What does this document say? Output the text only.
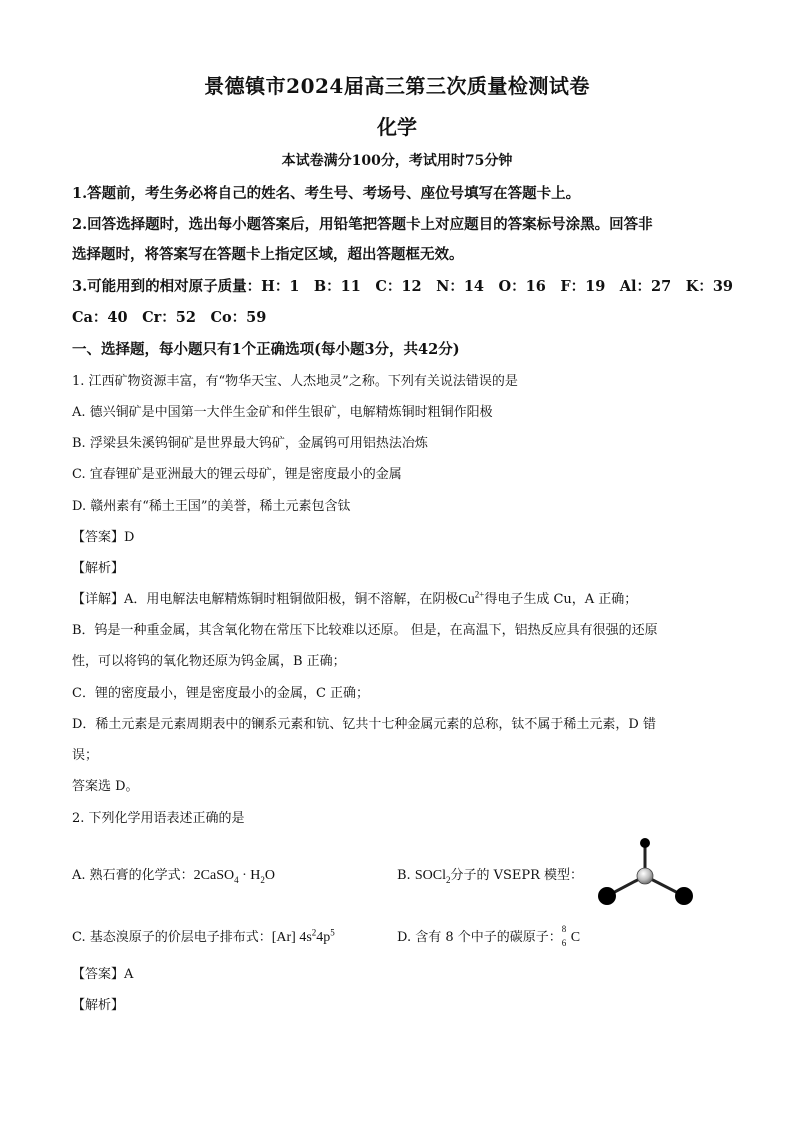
景德镇市2024届高三第三次质量检测试卷
化学
本试卷满分100分，考试用时75分钟
1.答题前，考生务必将自己的姓名、考生号、考场号、座位号填写在答题卡上。
2.回答选择题时，选出每小题答案后，用铅笔把答题卡上对应题目的答案标号涂黑。回答非
选择题时，将答案写在答题卡上指定区域，超出答题框无效。
3.可能用到的相对原子质量：H：1　B：11　C：12　N：14　O：16　F：19　Al：27　K：39
Ca：40　Cr：52　Co：59
一、选择题，每小题只有1个正确选项(每小题3分，共42分)
1. 江西矿物资源丰富，有“物华天宝、人杰地灵”之称。下列有关说法错误的是
A. 德兴铜矿是中国第一大伴生金矿和伴生银矿，电解精炼铜时粗铜作阳极
B. 浮梁县朱溪钨铜矿是世界最大钨矿，金属钨可用铝热法冶炼
C. 宜春锂矿是亚洲最大的锂云母矿，锂是密度最小的金属
D. 赣州素有“稀土王国”的美誉，稀土元素包含钛
【答案】D
【解析】
【详解】A．用电解法电解精炼铜时粗铜做阳极，铜不溶解，在阴极$Cu^{2+}$得电子生成 Cu，A 正确；
B．钨是一种重金属，其含氧化物在常压下比较难以还原。 但是，在高温下，铝热反应具有很强的还原
性，可以将钨的氧化物还原为钨金属，B 正确；
C．锂的密度最小，锂是密度最小的金属，C 正确；
D．稀土元素是元素周期表中的镧系元素和钪、钇共十七种金属元素的总称，钛不属于稀土元素，D 错
误；
答案选 D。
2. 下列化学用语表述正确的是
A. 熟石膏的化学式：2CaSO$_4$ · $H_2O$	B. SOCl$_2$分子的 VSEPR 模型：
C. 基态溴原子的价层电子排布式：[Ar] $4s^24p^5$	D. 含有 8 个中子的碳原子：
8
6 C
【答案】A
【解析】
